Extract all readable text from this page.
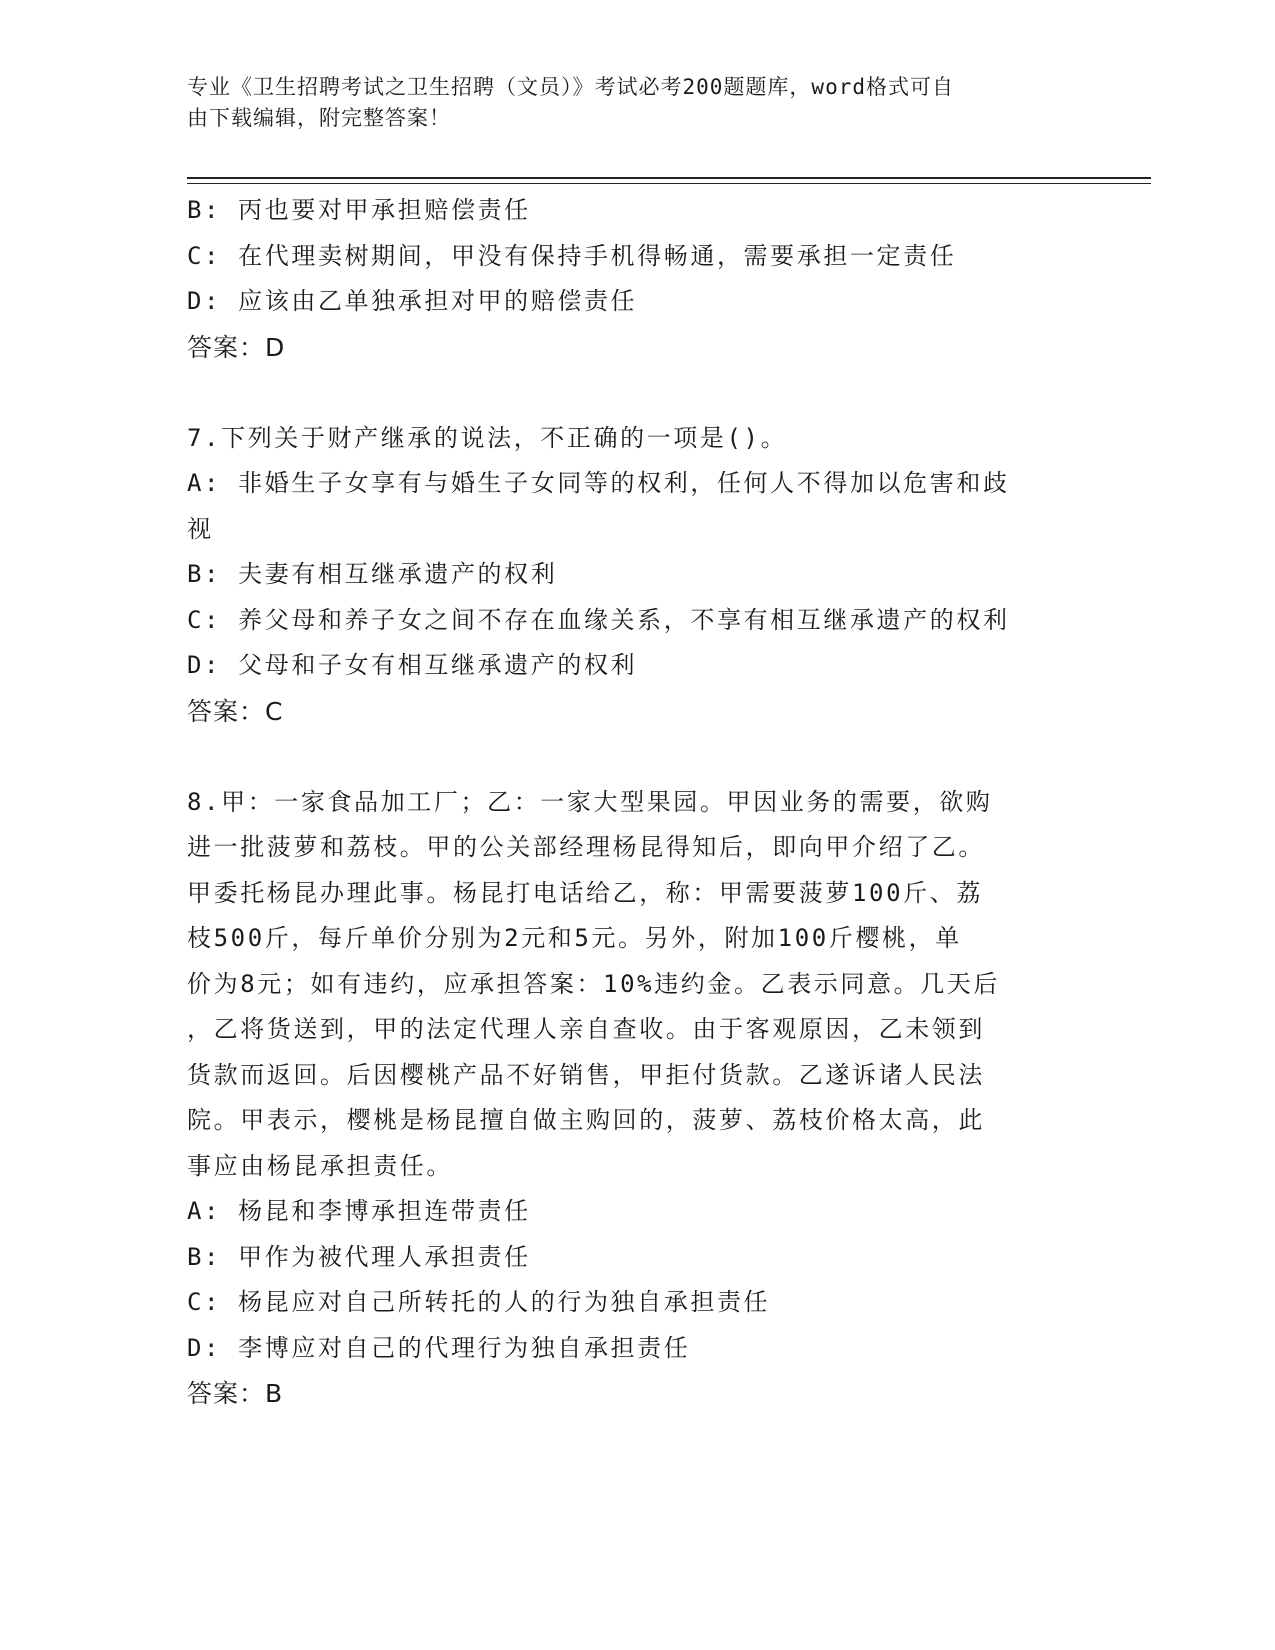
专业《卫生招聘考试之卫生招聘（文员）》考试必考200题题库，word格式可自
由下载编辑，附完整答案！
B: 丙也要对甲承担赔偿责任
C: 在代理卖树期间，甲没有保持手机得畅通，需要承担一定责任
D: 应该由乙单独承担对甲的赔偿责任
答案：D
7.下列关于财产继承的说法，不正确的一项是()。
A: 非婚生子女享有与婚生子女同等的权利，任何人不得加以危害和歧
视
B: 夫妻有相互继承遗产的权利
C: 养父母和养子女之间不存在血缘关系，不享有相互继承遗产的权利
D: 父母和子女有相互继承遗产的权利
答案：C
8.甲：一家食品加工厂；乙：一家大型果园。甲因业务的需要，欲购
进一批菠萝和荔枝。甲的公关部经理杨昆得知后，即向甲介绍了乙。
甲委托杨昆办理此事。杨昆打电话给乙，称：甲需要菠萝100斤、荔
枝500斤，每斤单价分别为2元和5元。另外，附加100斤樱桃，单
价为8元；如有违约，应承担答案：10%违约金。乙表示同意。几天后
，乙将货送到，甲的法定代理人亲自查收。由于客观原因，乙未领到
货款而返回。后因樱桃产品不好销售，甲拒付货款。乙遂诉诸人民法
院。甲表示，樱桃是杨昆擅自做主购回的，菠萝、荔枝价格太高，此
事应由杨昆承担责任。
A: 杨昆和李博承担连带责任
B: 甲作为被代理人承担责任
C: 杨昆应对自己所转托的人的行为独自承担责任
D: 李博应对自己的代理行为独自承担责任
答案：B
